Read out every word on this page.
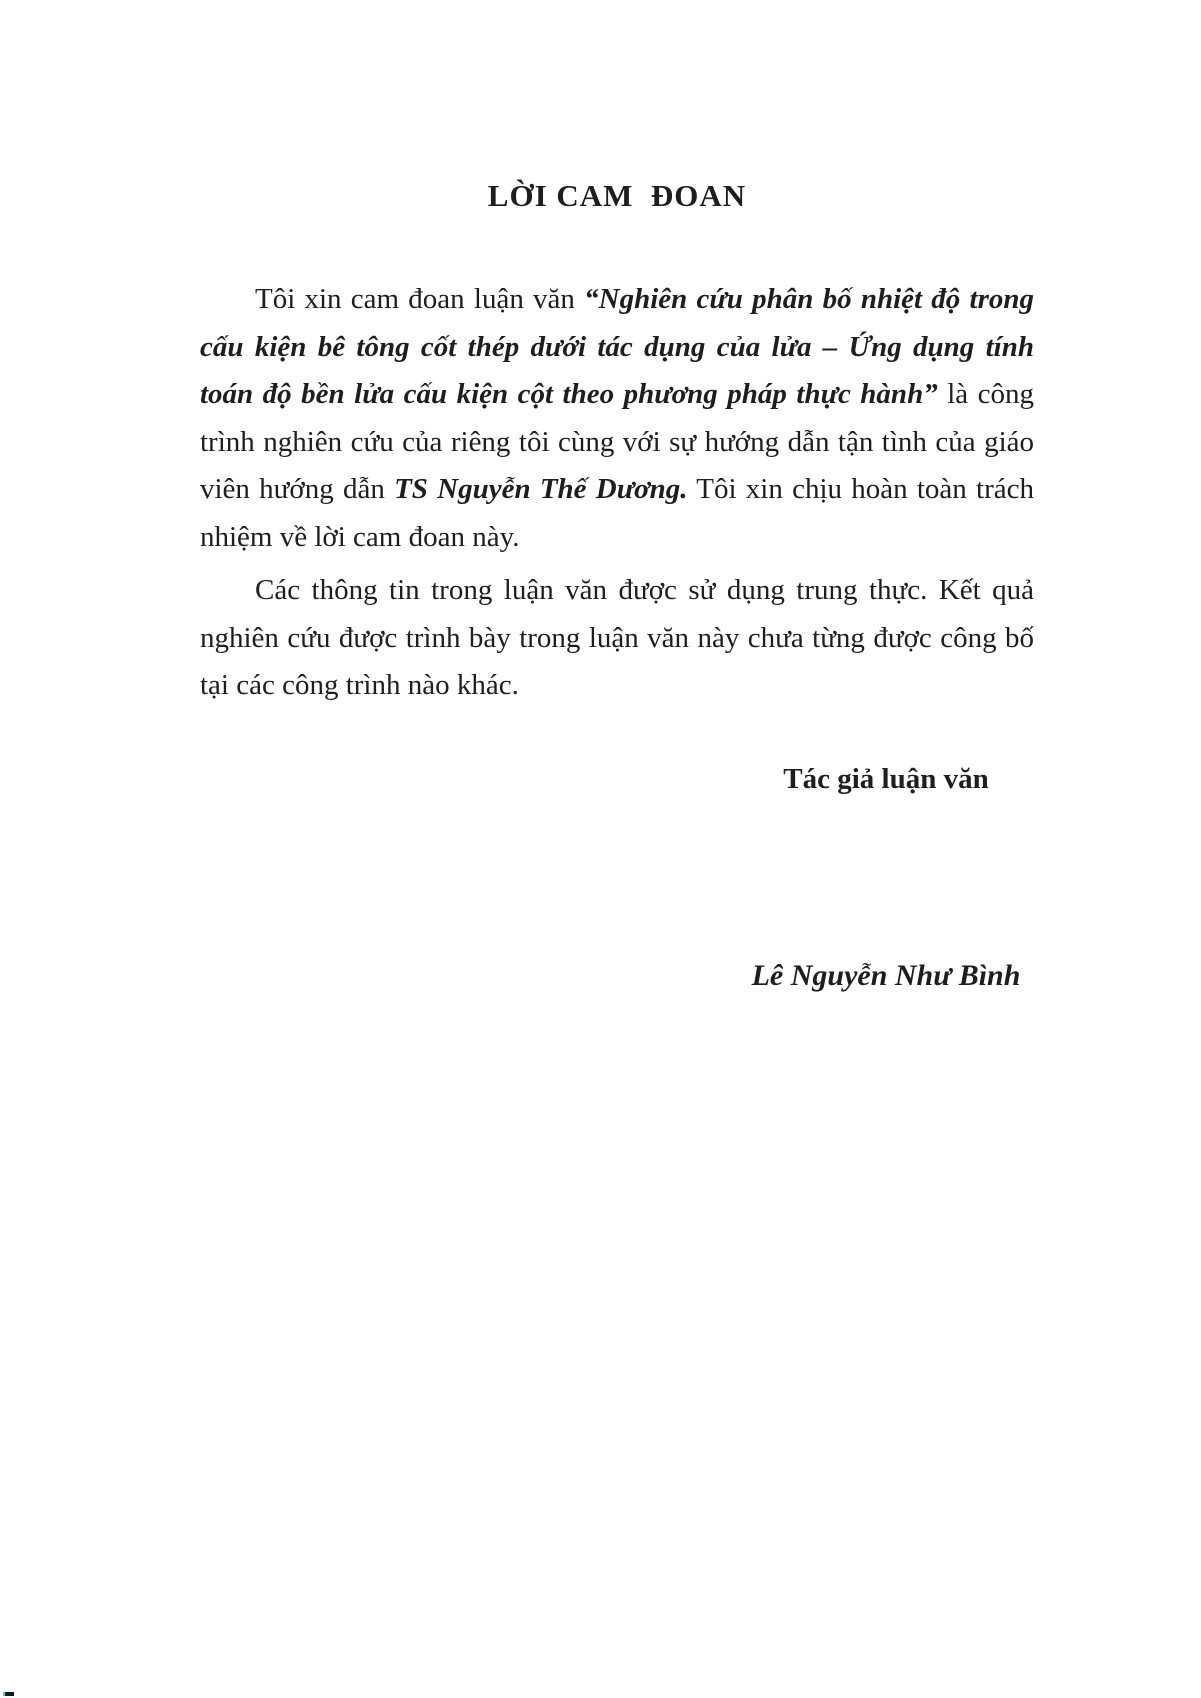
LỜI CAM  ĐOAN

Tôi xin cam đoan luận văn “Nghiên cứu phân bố nhiệt độ trong cấu kiện bê tông cốt thép dưới tác dụng của lửa – Ứng dụng tính toán độ bền lửa cấu kiện cột theo phương pháp thực hành” là công trình nghiên cứu của riêng tôi cùng với sự hướng dẫn tận tình của giáo viên hướng dẫn TS Nguyễn Thế Dương. Tôi xin chịu hoàn toàn trách nhiệm về lời cam đoan này.

Các thông tin trong luận văn được sử dụng trung thực. Kết quả nghiên cứu được trình bày trong luận văn này chưa từng được công bố tại các công trình nào khác.

Tác giả luận văn
Lê Nguyễn Như Bình
